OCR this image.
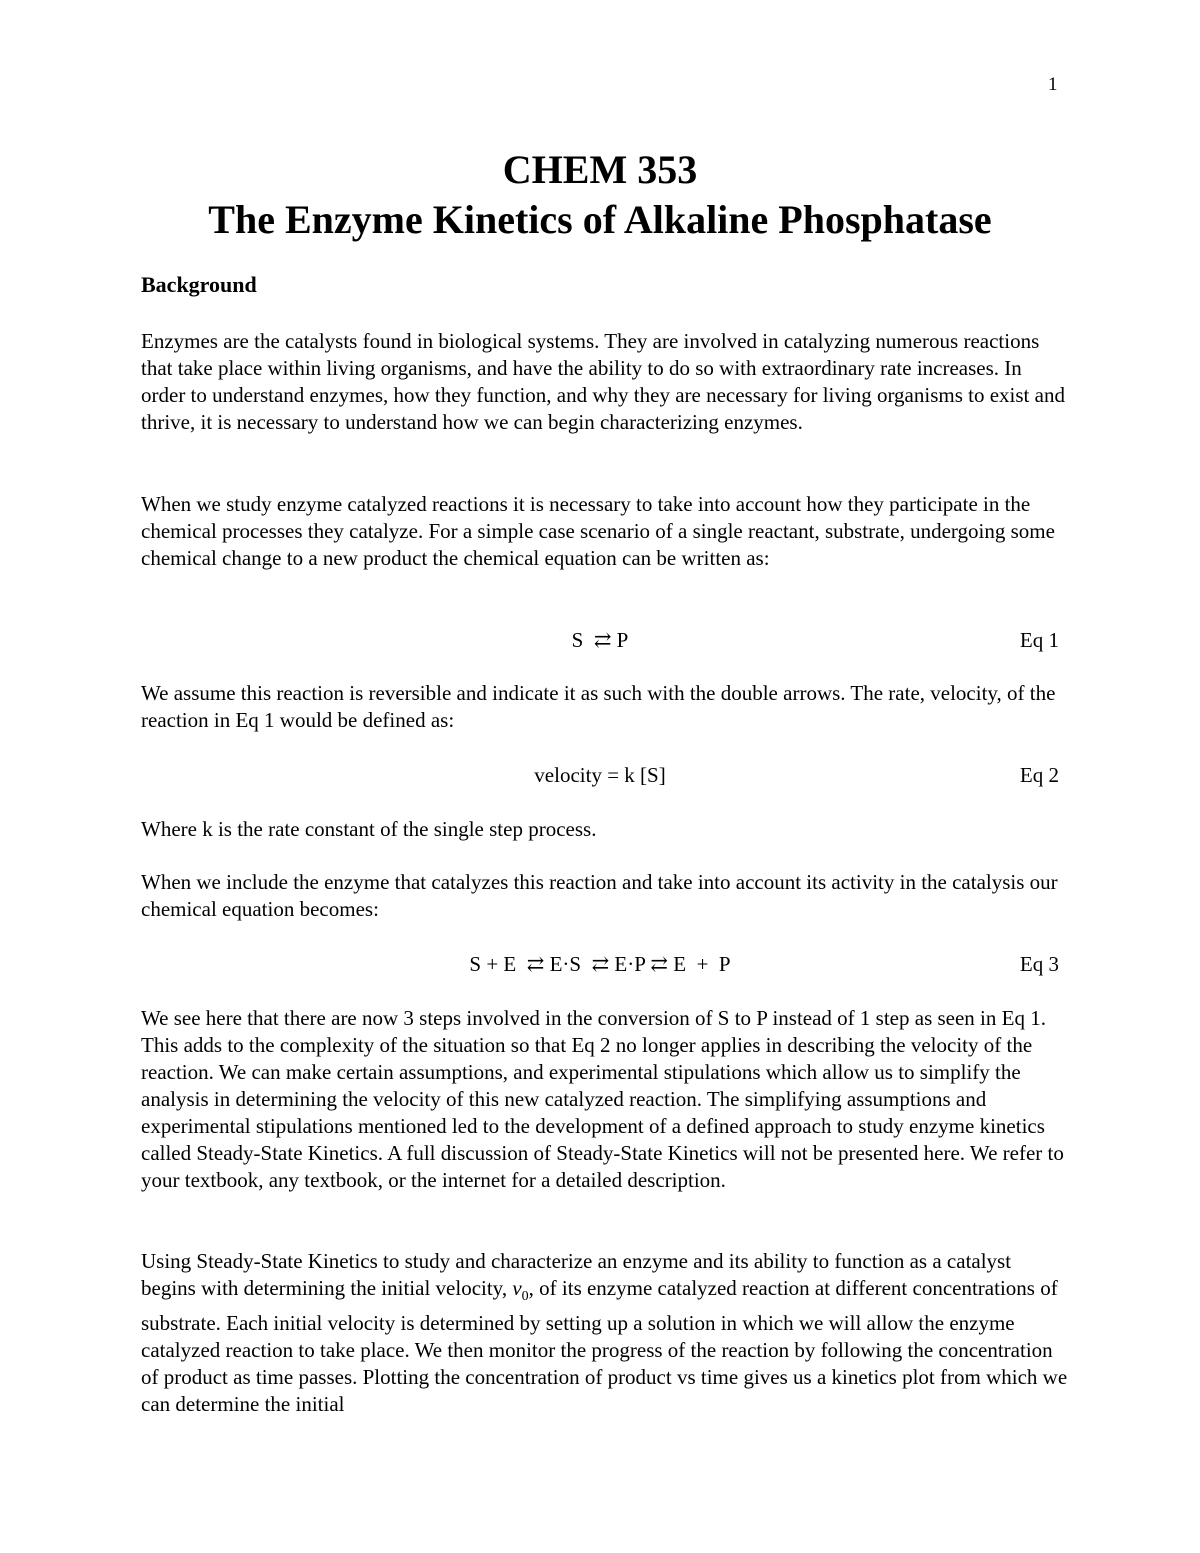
1
CHEM 353
The Enzyme Kinetics of Alkaline Phosphatase
Background

Enzymes are the catalysts found in biological systems. They are involved in catalyzing numerous reactions that take place within living organisms, and have the ability to do so with extraordinary rate increases. In order to understand enzymes, how they function, and why they are necessary for living organisms to exist and thrive, it is necessary to understand how we can begin characterizing enzymes.

When we study enzyme catalyzed reactions it is necessary to take into account how they participate in the chemical processes they catalyze. For a simple case scenario of a single reactant, substrate, undergoing some chemical change to a new product the chemical equation can be written as:

S  ⇄ P	Eq 1

We assume this reaction is reversible and indicate it as such with the double arrows. The rate, velocity, of the reaction in Eq 1 would be defined as:

velocity = k [S]	Eq 2

Where k is the rate constant of the single step process.

When we include the enzyme that catalyzes this reaction and take into account its activity in the catalysis our chemical equation becomes:

S + E  ⇄ E·S  ⇄ E·P ⇄ E  +  P	Eq 3

We see here that there are now 3 steps involved in the conversion of S to P instead of 1 step as seen in Eq 1. This adds to the complexity of the situation so that Eq 2 no longer applies in describing the velocity of the reaction. We can make certain assumptions, and experimental stipulations which allow us to simplify the analysis in determining the velocity of this new catalyzed reaction. The simplifying assumptions and experimental stipulations mentioned led to the development of a defined approach to study enzyme kinetics called Steady-State Kinetics. A full discussion of Steady-State Kinetics will not be presented here. We refer to your textbook, any textbook, or the internet for a detailed description.

Using Steady-State Kinetics to study and characterize an enzyme and its ability to function as a catalyst begins with determining the initial velocity, $v_0$, of its enzyme catalyzed reaction at different concentrations of substrate. Each initial velocity is determined by setting up a solution in which we will allow the enzyme catalyzed reaction to take place. We then monitor the progress of the reaction by following the concentration of product as time passes. Plotting the concentration of product vs time gives us a kinetics plot from which we can determine the initial
